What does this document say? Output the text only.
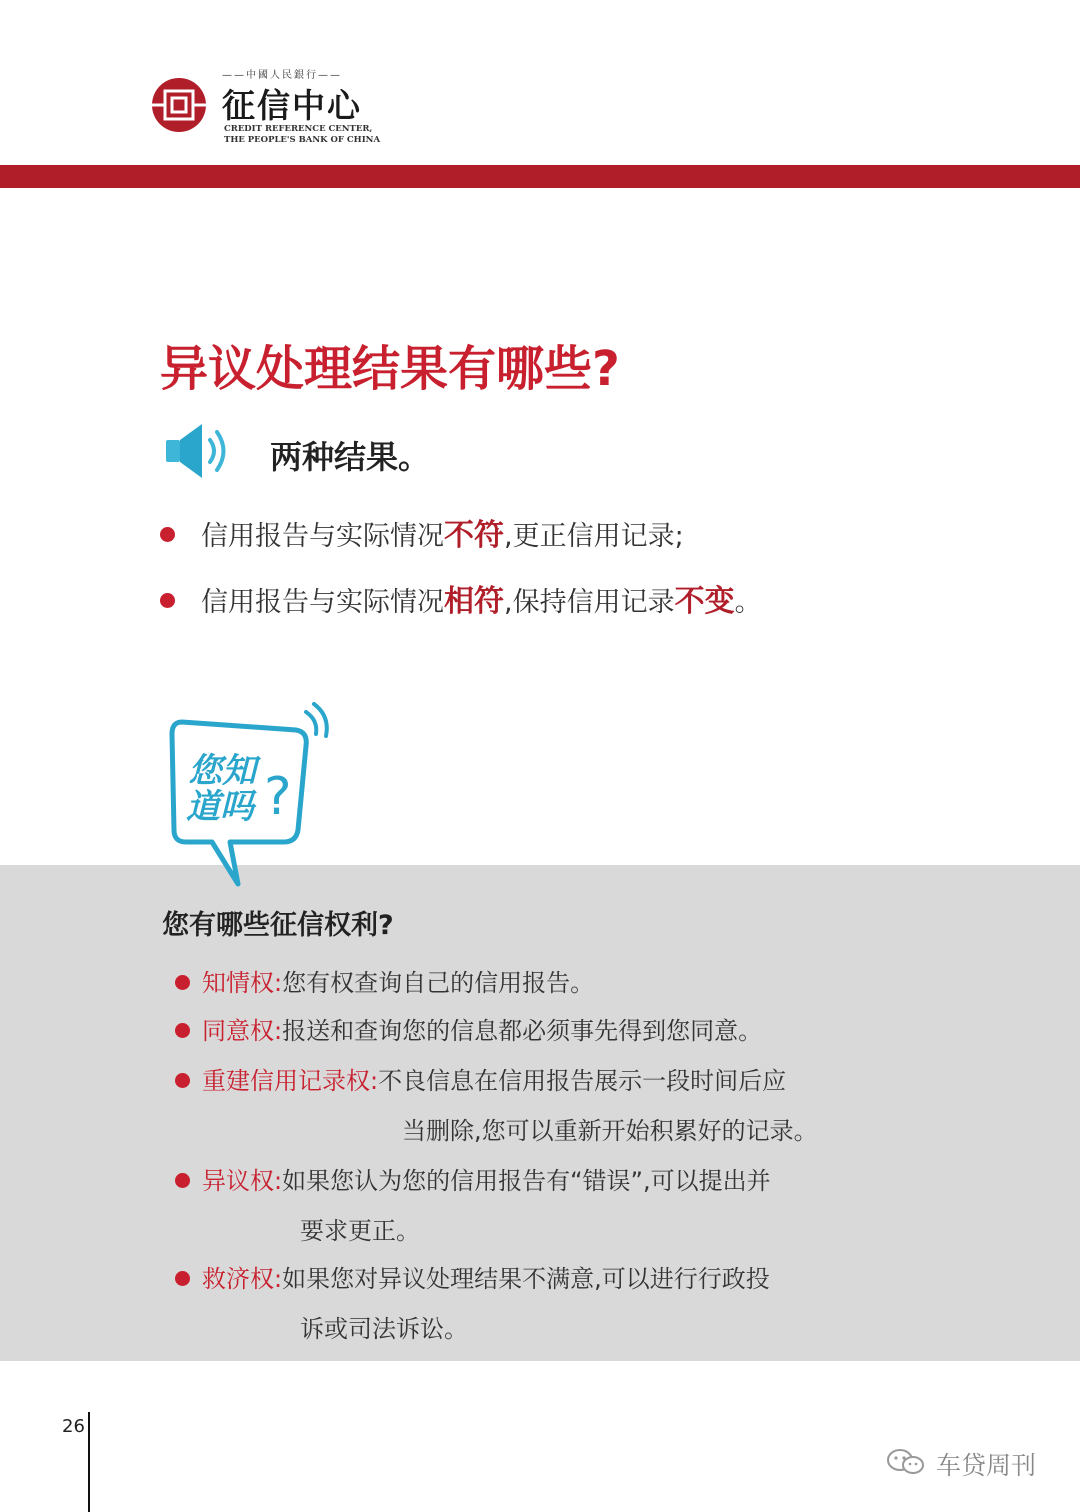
——中國人民銀行——
征信中心
CREDIT REFERENCE CENTER,
THE PEOPLE'S BANK OF CHINA
异议处理结果有哪些?
两种结果。
信用报告与实际情况不符,更正信用记录;
信用报告与实际情况相符,保持信用记录不变。
您知
道吗 ?
您有哪些征信权利?
知情权:您有权查询自己的信用报告。
同意权:报送和查询您的信息都必须事先得到您同意。
重建信用记录权:不良信息在信用报告展示一段时间后应
当删除,您可以重新开始积累好的记录。
异议权:如果您认为您的信用报告有“错误”,可以提出并
要求更正。
救济权:如果您对异议处理结果不满意,可以进行行政投
诉或司法诉讼。
26
车贷周刊
